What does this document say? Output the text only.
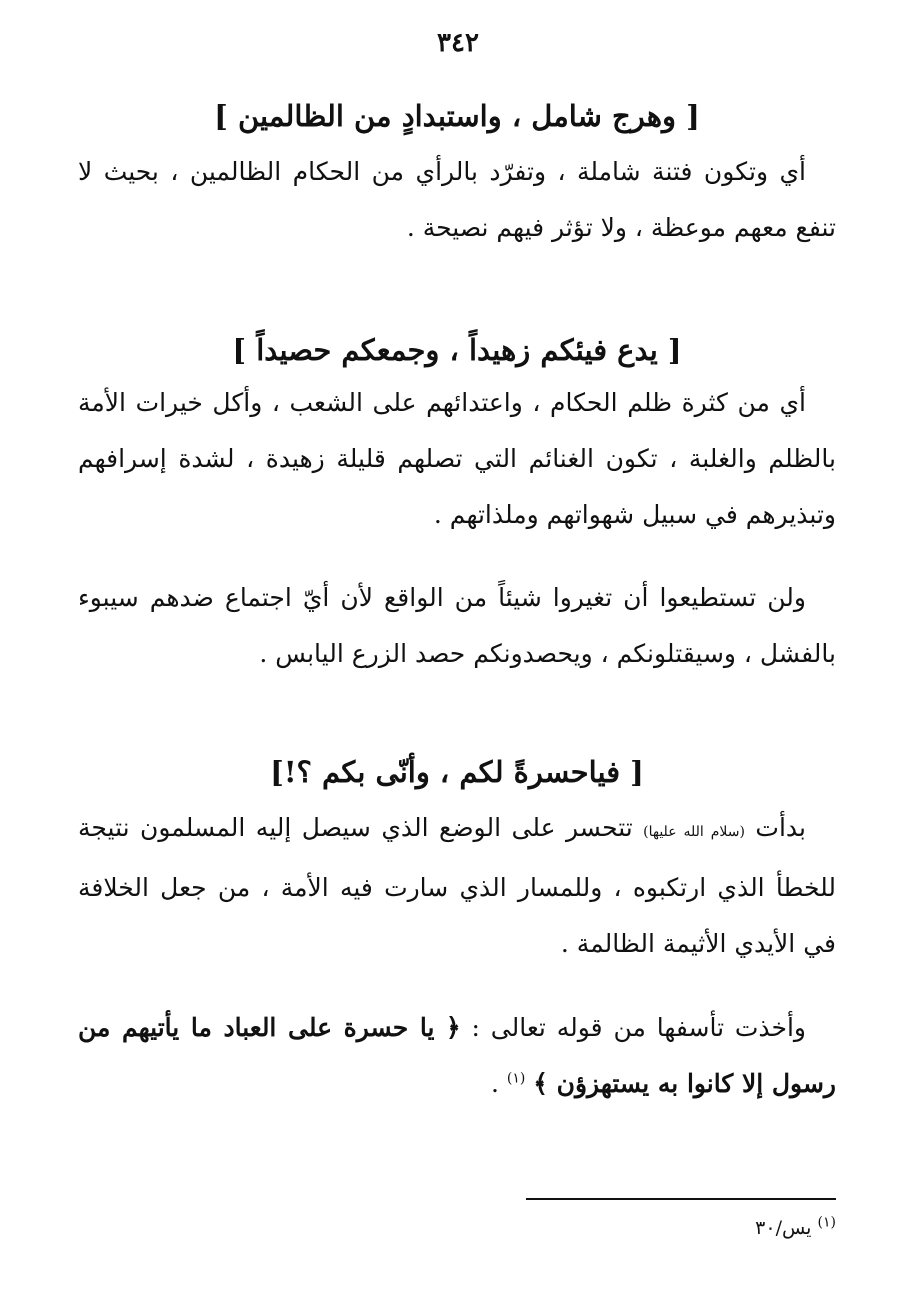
٣٤٢
[ وهرج شامل ، واستبدادٍ من الظالمين ]

أي وتكون فتنة شاملة ، وتفرّد بالرأي من الحكام الظالمين ، بحيث لا تنفع معهم موعظة ، ولا تؤثر فيهم نصيحة .

[ يدع فيئكم زهيداً ، وجمعكم حصيداً ]

أي من كثرة ظلم الحكام ، واعتدائهم على الشعب ، وأكل خيرات الأمة بالظلم والغلبة ، تكون الغنائم التي تصلهم قليلة زهيدة ، لشدة إسرافهم وتبذيرهم في سبيل شهواتهم وملذاتهم .

ولن تستطيعوا أن تغيروا شيئاً من الواقع لأن أيّ اجتماع ضدهم سيبوء بالفشل ، وسيقتلونكم ، ويحصدونكم حصد الزرع اليابس .

[ فياحسرةً لكم ، وأنّى بكم ؟!]

بدأت (سلام الله عليها) تتحسر على الوضع الذي سيصل إليه المسلمون نتيجة للخطأ الذي ارتكبوه ، وللمسار الذي سارت فيه الأمة ، من جعل الخلافة في الأيدي الأثيمة الظالمة .

وأخذت تأسفها من قوله تعالى : ﴿ يا حسرة على العباد ما يأتيهم من رسول إلا كانوا به يستهزؤن ﴾ $^{(١)}$ .

$^{(١)}$ يس/٣٠
